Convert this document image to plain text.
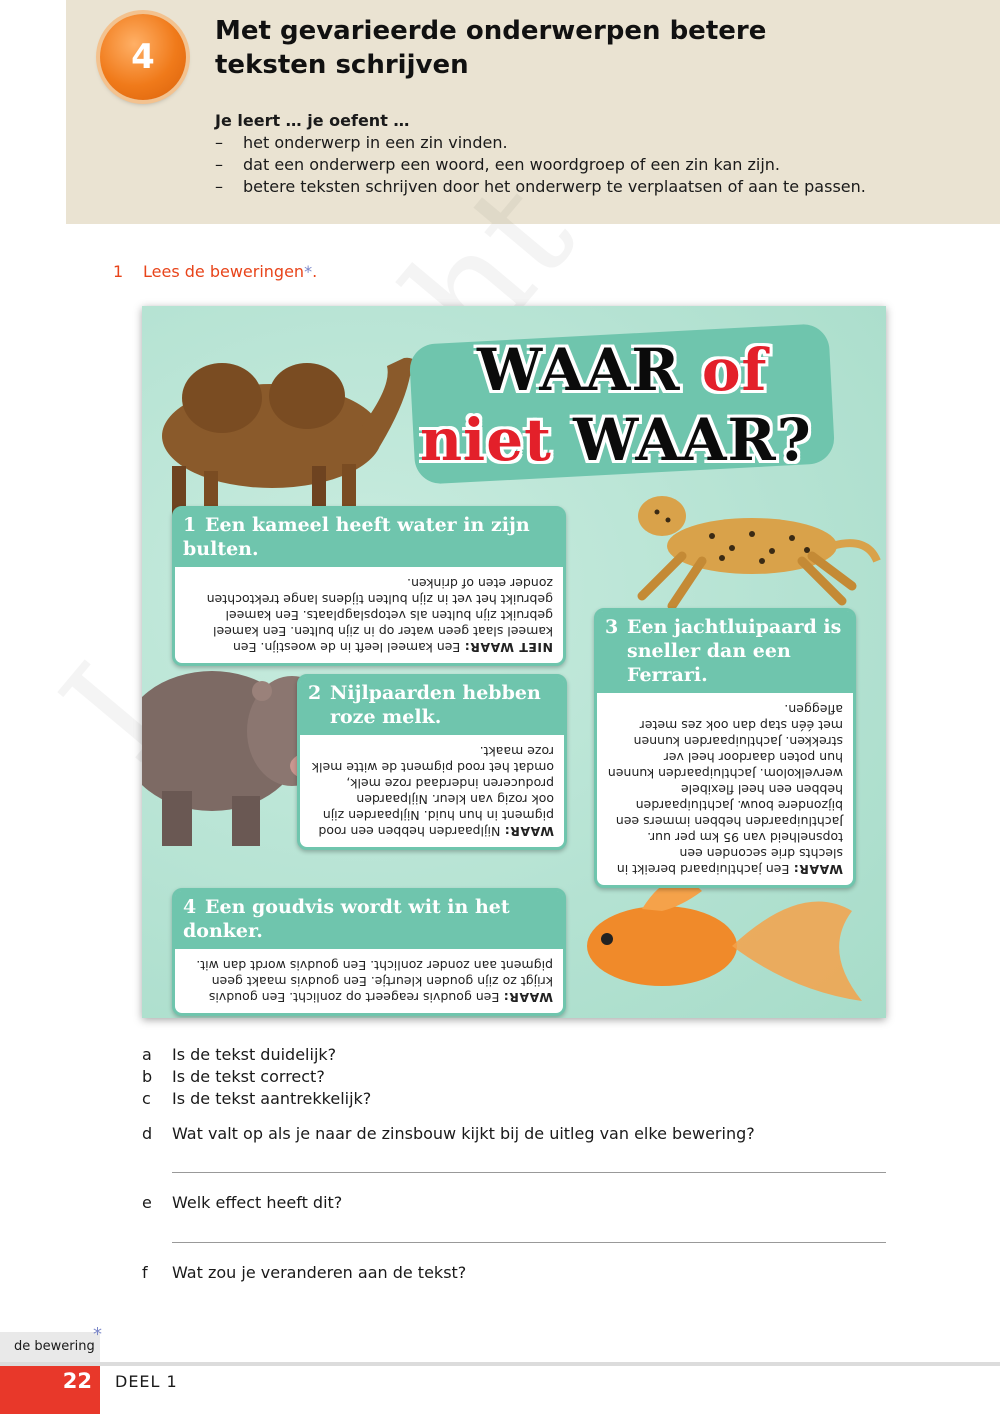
4
Met gevarieerde onderwerpen betere
teksten schrijven
Je leert … je oefent …
– het onderwerp in een zin vinden.
– dat een onderwerp een woord, een woordgroep of een zin kan zijn.
– betere teksten schrijven door het onderwerp te verplaatsen of aan te passen.
1 Lees de beweringen*.
WAAR of
niet WAAR?
1 Een kameel heeft water in zijn bulten.
NIET WAAR: Een kameel leeft in de woestijn. Een kameel slaat geen water op in zijn bulten. Een kameel gebruikt zijn bulten als vetopslagplaats. Een kameel gebruikt het vet in zijn bulten tijdens lange trektochten zonder eten of drinken.
2 Nijlpaarden hebben
roze melk.
WAAR: Nijlpaarden hebben een rood pigment in hun huid. Nijlpaarden zijn ook rozig van kleur. Nijlpaarden produceren inderdaad roze melk, omdat het rood pigment de witte melk roze maakt.
3 Een jachtluipaard is
sneller dan een Ferrari.
WAAR: Een jachtluipaard bereikt in slechts drie seconden een topsnelheid van 95 km per uur. Jachtluipaarden hebben immers een bijzondere bouw. Jachtluipaarden hebben een heel flexibele wervelkolom. Jachtluipaarden kunnen hun poten daardoor heel ver strekken. Jachtluipaarden kunnen met één stap dan ook zes meter afleggen.
4 Een goudvis wordt wit in het donker.
WAAR: Een goudvis reageert op zonlicht. Een goudvis krijgt zo zijn gouden kleurtje. Een goudvis maakt geen pigment aan zonder zonlicht. Een goudvis wordt dan wit.
a Is de tekst duidelijk?
b Is de tekst correct?
c Is de tekst aantrekkelijk?
d Wat valt op als je naar de zinsbouw kijkt bij de uitleg van elke bewering?
e Welk effect heeft dit?
f Wat zou je veranderen aan de tekst?
de bewering
*
22	DEEL 1
